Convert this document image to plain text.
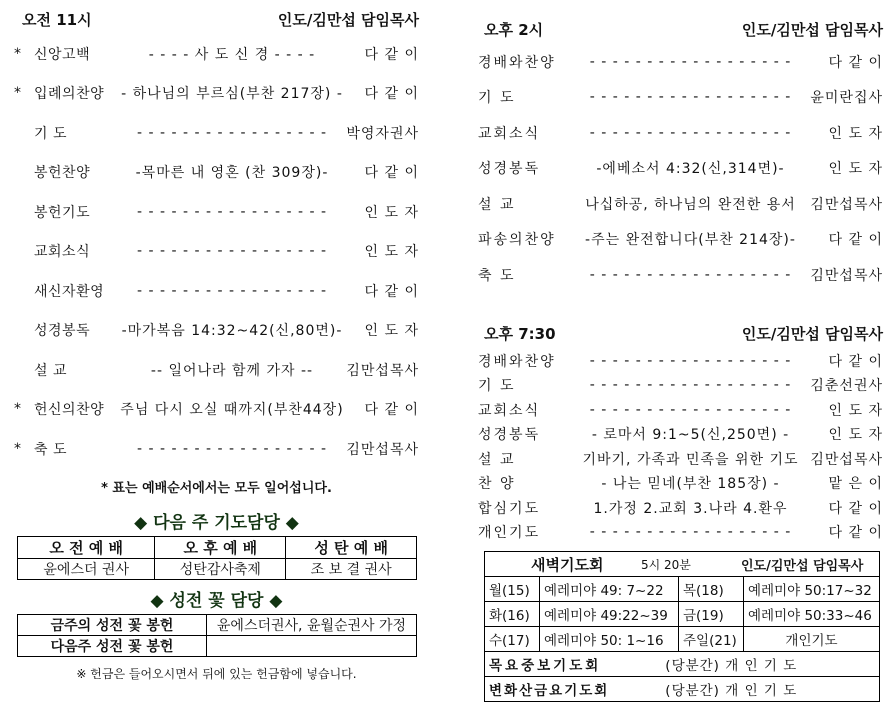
오전 11시	인도/김만섭 담임목사
* 신앙고백	- - - - 사 도 신 경 - - - -	다 같 이
* 입례의찬양	- 하나님의 부르심(부찬 217장) -	다 같 이
기 도	- - - - - - - - - - - - - - - - -	박영자권사
봉헌찬양	-목마른 내 영혼 (찬 309장)-	다 같 이
봉헌기도	- - - - - - - - - - - - - - - - -	인 도 자
교회소식	- - - - - - - - - - - - - - - - -	인 도 자
새신자환영	- - - - - - - - - - - - - - - - -	다 같 이
성경봉독	-마가복음 14:32~42(신,80면)-	인 도 자
설 교	-- 일어나라 함께 가자 --	김만섭목사
* 헌신의찬양	주님 다시 오실 때까지(부찬44장)	다 같 이
* 축 도	- - - - - - - - - - - - - - - - -	김만섭목사
* 표는 예배순서에서는 모두 일어섭니다.
◆ 다음 주 기도담당 ◆
오 전 예 배	오 후 예 배	성 탄 예 배
윤에스더 권사	성탄감사축제	조 보 결 권사
◆ 성전 꽃 담당 ◆
금주의 성전 꽃 봉헌	윤에스더권사, 윤월순권사 가정
다음주 성전 꽃 봉헌	
※ 헌금은 들어오시면서 뒤에 있는 헌금함에 넣습니다.
오후 2시	인도/김만섭 담임목사
경배와찬양	- - - - - - - - - - - - - - - - - -	다 같 이
기 도	- - - - - - - - - - - - - - - - - -	윤미란집사
교회소식	- - - - - - - - - - - - - - - - - -	인 도 자
성경봉독	-에베소서 4:32(신,314면)-	인 도 자
설 교	나십하공, 하나님의 완전한 용서	김만섭목사
파송의찬양	-주는 완전합니다(부찬 214장)-	다 같 이
축 도	- - - - - - - - - - - - - - - - - -	김만섭목사
오후 7:30	인도/김만섭 담임목사
경배와찬양	- - - - - - - - - - - - - - - - - -	다 같 이
기 도	- - - - - - - - - - - - - - - - - -	김춘선권사
교회소식	- - - - - - - - - - - - - - - - - -	인 도 자
성경봉독	- 로마서 9:1~5(신,250면) -	인 도 자
설 교	기바기, 가족과 민족을 위한 기도 김만섭목사
찬 양	- 나는 믿네(부찬 185장) -	맡 은 이
합심기도	1.가정 2.교회 3.나라 4.환우	다 같 이
개인기도	- - - - - - - - - - - - - - - - - -	다 같 이
새벽기도회 5시 20분 인도/김만섭 담임목사			

월(15)	예레미야 49: 7~22	목(18)	예레미야 50:17~32
화(16)	예레미야 49:22~39	금(19)	예레미야 50:33~46
수(17)	예레미야 50: 1~16	주일(21)	개인기도
목요중보기도회 (당분간) 개 인 기 도			
변화산금요기도회 (당분간) 개 인 기 도			
